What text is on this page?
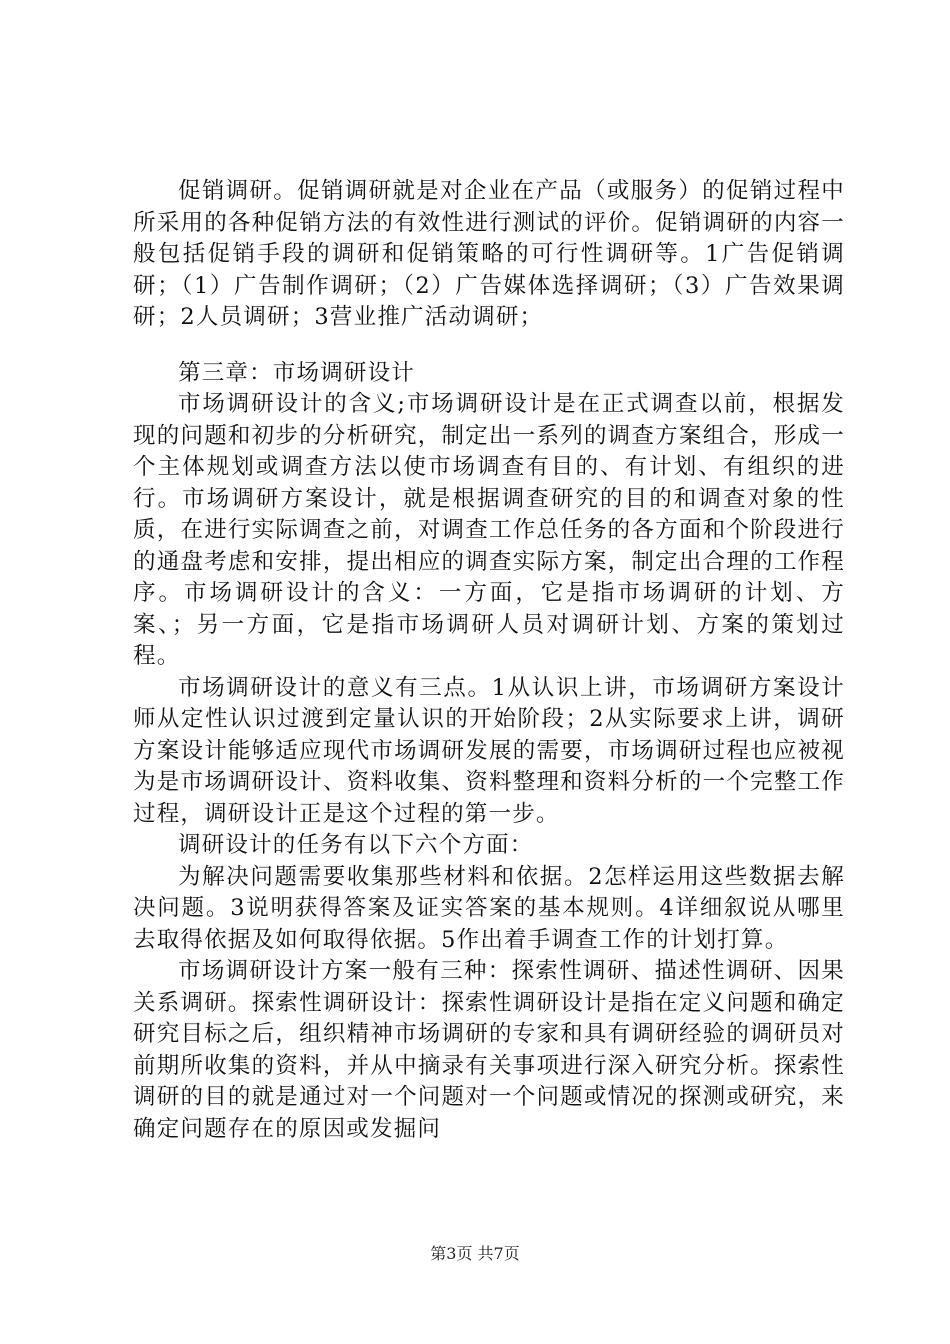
促销调研。促销调研就是对企业在产品（或服务）的促销过程中所采用的各种促销方法的有效性进行测试的评价。促销调研的内容一般包括促销手段的调研和促销策略的可行性调研等。1广告促销调研；（1）广告制作调研；（2）广告媒体选择调研；（3）广告效果调研；2人员调研；3营业推广活动调研；

第三章：市场调研设计

市场调研设计的含义;市场调研设计是在正式调查以前，根据发现的问题和初步的分析研究，制定出一系列的调查方案组合，形成一个主体规划或调查方法以使市场调查有目的、有计划、有组织的进行。市场调研方案设计，就是根据调查研究的目的和调查对象的性质，在进行实际调查之前，对调查工作总任务的各方面和个阶段进行的通盘考虑和安排，提出相应的调查实际方案，制定出合理的工作程序。市场调研设计的含义：一方面，它是指市场调研的计划、方案、；另一方面，它是指市场调研人员对调研计划、方案的策划过程。

市场调研设计的意义有三点。1从认识上讲，市场调研方案设计师从定性认识过渡到定量认识的开始阶段；2从实际要求上讲，调研方案设计能够适应现代市场调研发展的需要，市场调研过程也应被视为是市场调研设计、资料收集、资料整理和资料分析的一个完整工作过程，调研设计正是这个过程的第一步。

调研设计的任务有以下六个方面：

为解决问题需要收集那些材料和依据。2怎样运用这些数据去解决问题。3说明获得答案及证实答案的基本规则。4详细叙说从哪里去取得依据及如何取得依据。5作出着手调查工作的计划打算。

市场调研设计方案一般有三种：探索性调研、描述性调研、因果关系调研。探索性调研设计：探索性调研设计是指在定义问题和确定研究目标之后，组织精神市场调研的专家和具有调研经验的调研员对前期所收集的资料，并从中摘录有关事项进行深入研究分析。探索性调研的目的就是通过对一个问题对一个问题或情况的探测或研究，来确定问题存在的原因或发掘问

第3页 共7页
